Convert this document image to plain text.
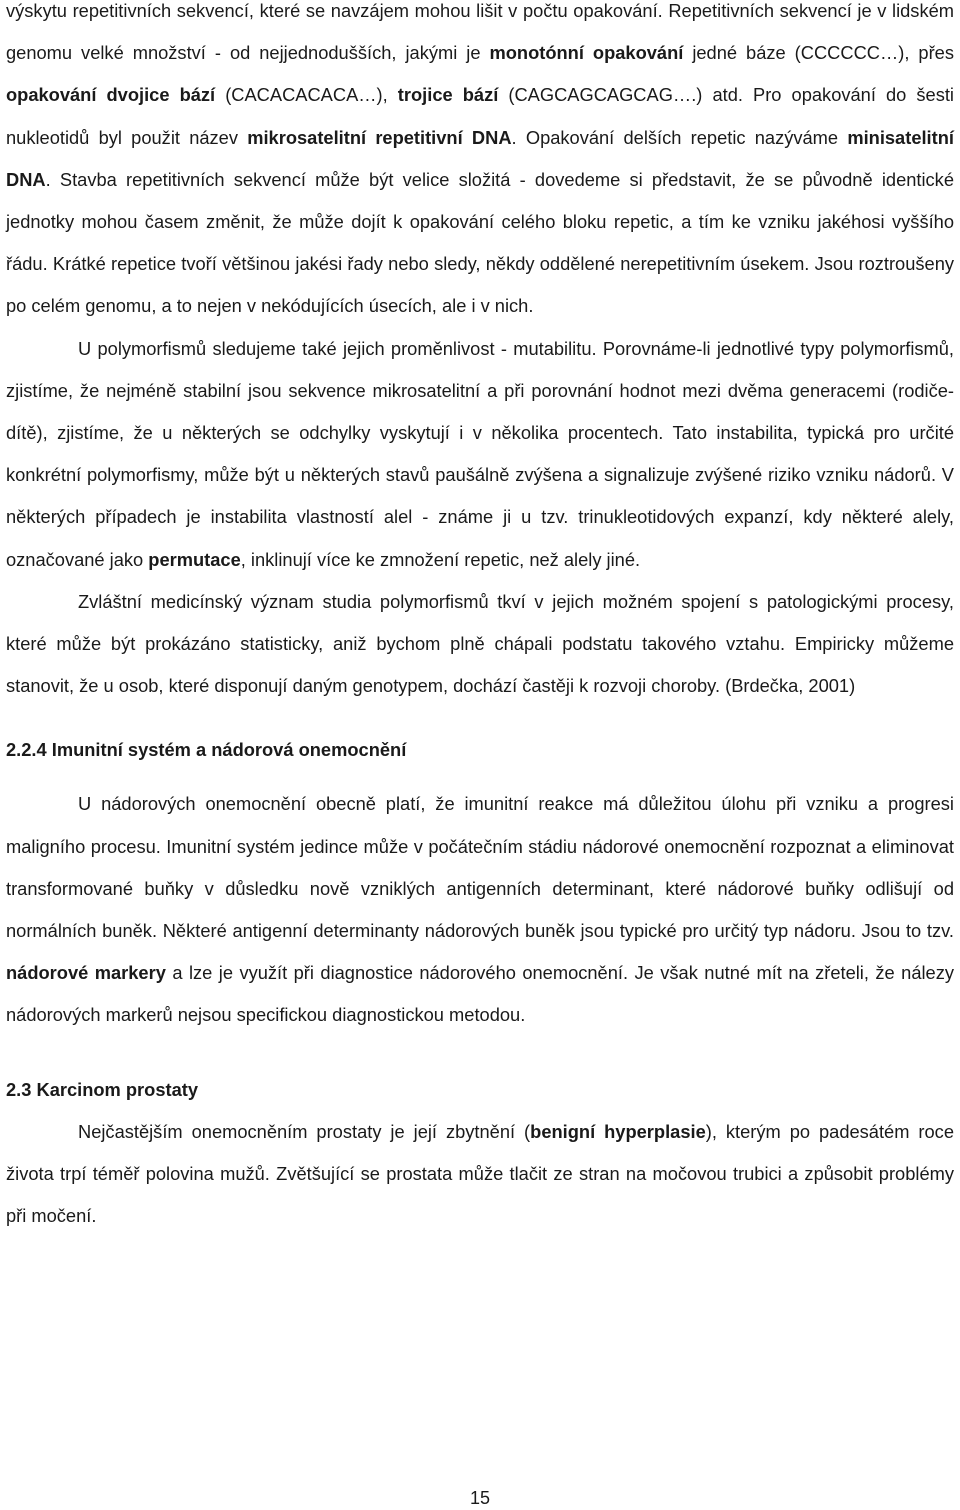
výskytu repetitivních sekvencí, které se navzájem mohou lišit v počtu opakování. Repetitivních sekvencí je v lidském genomu velké množství - od nejjednodušších, jakými je monotónní opakování jedné báze (CCCCCC…), přes opakování dvojice bází (CACACACACA…), trojice bází (CAGCAGCAGCAG….) atd. Pro opakování do šesti nukleotidů byl použit název mikrosatelitní repetitivní DNA. Opakování delších repetic nazýváme minisatelitní DNA. Stavba repetitivních sekvencí může být velice složitá - dovedeme si představit, že se původně identické jednotky mohou časem změnit, že může dojít k opakování celého bloku repetic, a tím ke vzniku jakéhosi vyššího řádu. Krátké repetice tvoří většinou jakési řady nebo sledy, někdy oddělené nerepetitivním úsekem. Jsou roztroušeny po celém genomu, a to nejen v nekódujících úsecích, ale i v nich.

U polymorfismů sledujeme také jejich proměnlivost - mutabilitu. Porovnáme-li jednotlivé typy polymorfismů, zjistíme, že nejméně stabilní jsou sekvence mikrosatelitní a při porovnání hodnot mezi dvěma generacemi (rodiče-dítě), zjistíme, že u některých se odchylky vyskytují i v několika procentech. Tato instabilita, typická pro určité konkrétní polymorfismy, může být u některých stavů paušálně zvýšena a signalizuje zvýšené riziko vzniku nádorů. V některých případech je instabilita vlastností alel - známe ji u tzv. trinukleotidových expanzí, kdy některé alely, označované jako permutace, inklinují více ke zmnožení repetic, než alely jiné.

Zvláštní medicínský význam studia polymorfismů tkví v jejich možném spojení s patologickými procesy, které může být prokázáno statisticky, aniž bychom plně chápali podstatu takového vztahu. Empiricky můžeme stanovit, že u osob, které disponují daným genotypem, dochází častěji k rozvoji choroby. (Brdečka, 2001)

2.2.4 Imunitní systém a nádorová onemocnění

U nádorových onemocnění obecně platí, že imunitní reakce má důležitou úlohu při vzniku a progresi maligního procesu. Imunitní systém jedince může v počátečním stádiu nádorové onemocnění rozpoznat a eliminovat transformované buňky v důsledku nově vzniklých antigenních determinant, které nádorové buňky odlišují od normálních buněk. Některé antigenní determinanty nádorových buněk jsou typické pro určitý typ nádoru. Jsou to tzv. nádorové markery a lze je využít při diagnostice nádorového onemocnění. Je však nutné mít na zřeteli, že nálezy nádorových markerů nejsou specifickou diagnostickou metodou.

2.3 Karcinom prostaty

Nejčastějším onemocněním prostaty je její zbytnění (benigní hyperplasie), kterým po padesátém roce života trpí téměř polovina mužů. Zvětšující se prostata může tlačit ze stran na močovou trubici a způsobit problémy při močení.

15
